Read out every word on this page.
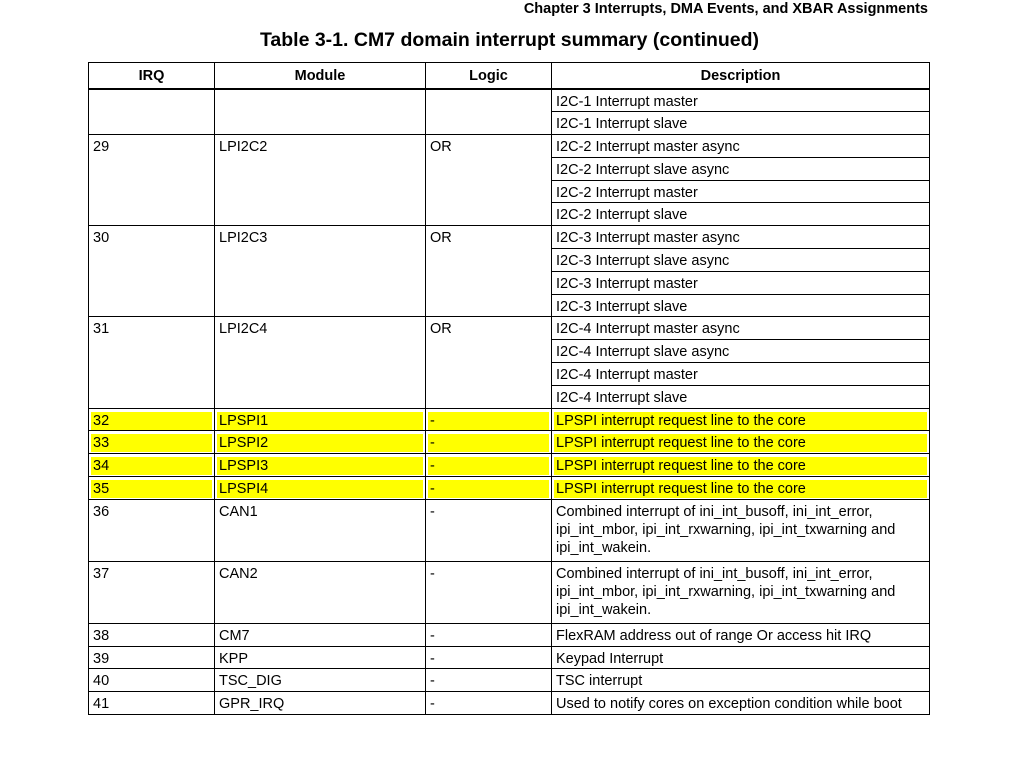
Chapter 3 Interrupts, DMA Events, and XBAR Assignments
Table 3-1. CM7 domain interrupt summary (continued)
IRQ	Module	Logic	Description
			I2C-1 Interrupt master
			I2C-1 Interrupt slave
29	LPI2C2	OR	I2C-2 Interrupt master async
			I2C-2 Interrupt slave async
			I2C-2 Interrupt master
			I2C-2 Interrupt slave
30	LPI2C3	OR	I2C-3 Interrupt master async
			I2C-3 Interrupt slave async
			I2C-3 Interrupt master
			I2C-3 Interrupt slave
31	LPI2C4	OR	I2C-4 Interrupt master async
			I2C-4 Interrupt slave async
			I2C-4 Interrupt master
			I2C-4 Interrupt slave
32	LPSPI1	-	LPSPI interrupt request line to the core
33	LPSPI2	-	LPSPI interrupt request line to the core
34	LPSPI3	-	LPSPI interrupt request line to the core
35	LPSPI4	-	LPSPI interrupt request line to the core
36	CAN1	-	Combined interrupt of ini_int_busoff, ini_int_error, ipi_int_mbor, ipi_int_rxwarning, ipi_int_txwarning and ipi_int_wakein.
37	CAN2	-	Combined interrupt of ini_int_busoff, ini_int_error, ipi_int_mbor, ipi_int_rxwarning, ipi_int_txwarning and ipi_int_wakein.
38	CM7	-	FlexRAM address out of range Or access hit IRQ
39	KPP	-	Keypad Interrupt
40	TSC_DIG	-	TSC interrupt
41	GPR_IRQ	-	Used to notify cores on exception condition while boot
